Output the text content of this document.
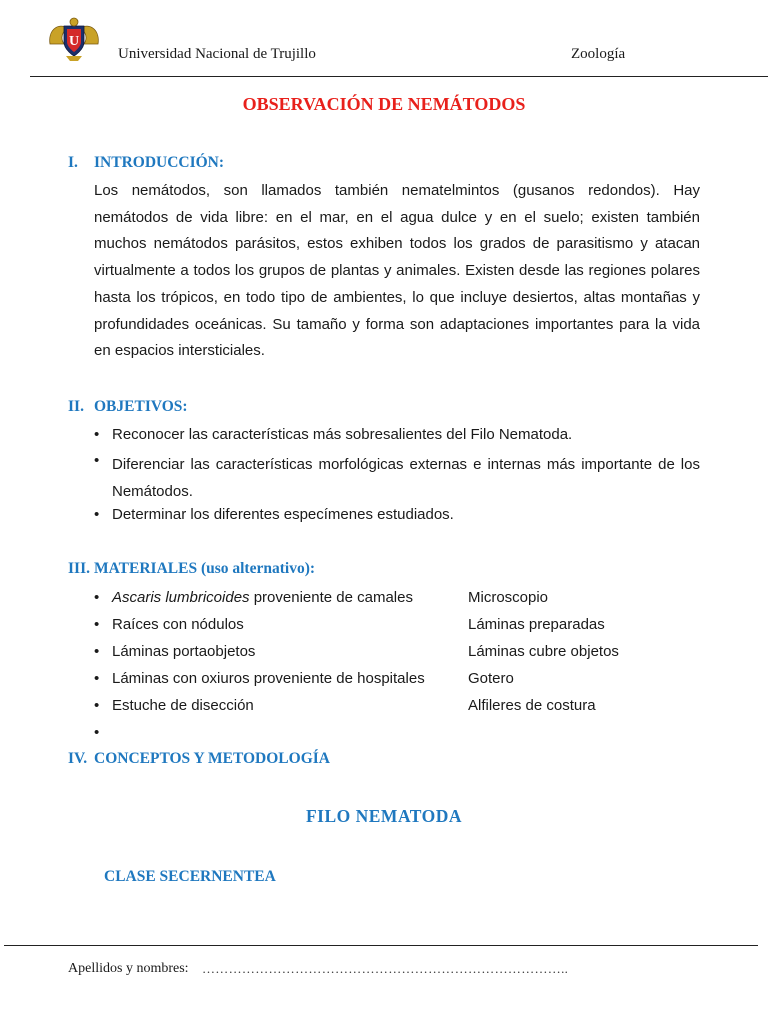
U
Universidad Nacional de Trujillo	Zoología
OBSERVACIÓN DE NEMÁTODOS
I. INTRODUCCIÓN:
Los nemátodos, son llamados también nematelmintos (gusanos redondos). Hay nemátodos de vida libre: en el mar, en el agua dulce y en el suelo; existen también muchos nemátodos parásitos, estos exhiben todos los grados de parasitismo y atacan virtualmente a todos los grupos de plantas y animales. Existen desde las regiones polares hasta los trópicos, en todo tipo de ambientes, lo que incluye desiertos, altas montañas y profundidades oceánicas. Su tamaño y forma son adaptaciones importantes para la vida en espacios intersticiales.
II. OBJETIVOS:
• Reconocer las características más sobresalientes del Filo Nematoda.
• Diferenciar las características morfológicas externas e internas más importante de los Nemátodos.
• Determinar los diferentes especímenes estudiados.
III. MATERIALES (uso alternativo):
• Ascaris lumbricoides proveniente de camales
• Raíces con nódulos
• Láminas portaobjetos
• Láminas con oxiuros proveniente de hospitales
• Estuche de disección
•
Microscopio
Láminas preparadas
Láminas cubre objetos
Gotero
Alfileres de costura
IV. CONCEPTOS Y METODOLOGÍA
FILO NEMATODA
CLASE SECERNENTEA
Apellidos y nombres: ………………………………………………………………………..
